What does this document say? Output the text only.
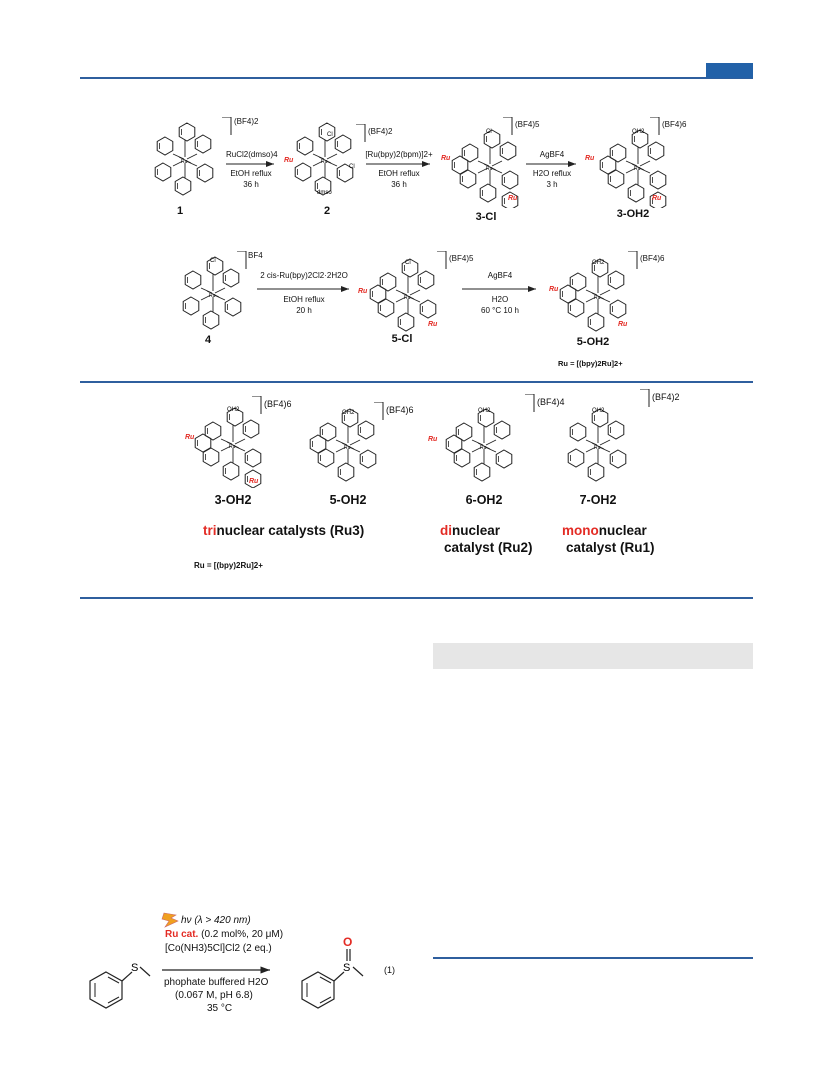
Ru	Ru
Cl
Cl
dmso
Ru
Cl
Ru
OH2
(BF4)2
(BF4)2
(BF4)5	(BF4)6
Ru	Ru
Ru
Ru
Ru
RuCl2(dmso)4
EtOH reflux
36 h
[Ru(bpy)2(bpm)]2+
EtOH reflux
36 h
AgBF4
H2O reflux
3 h
1	2	3-Cl	3-OH2
Ru
Cl
Ru
Cl
Ru
OH2
BF4	(BF4)5	(BF4)6
Ru
Ru
Ru
Ru
2 cis-Ru(bpy)2Cl2·2H2O
EtOH reflux
20 h
AgBF4
H2O
60 °C 10 h
4	5-Cl	5-OH2
Ru = [(bpy)2Ru]2+
Ru
OH2
Ru
OH2
Ru
OH2
Ru
OH2
(BF4)6
(BF4)6
(BF4)4	(BF4)2
Ru
Ru
Ru
3-OH2	5-OH2	6-OH2	7-OH2
trinuclear catalysts (Ru3)	dinuclear
catalyst (Ru2)
mononuclear
catalyst (Ru1)
Ru = [(bpy)2Ru]2+
S	S
O
hν (λ > 420 nm)
Ru cat. (0.2 mol%, 20 μM)
[Co(NH3)5Cl]Cl2 (2 eq.)
phophate buffered H2O
(0.067 M, pH 6.8)
35 °C
(1)
